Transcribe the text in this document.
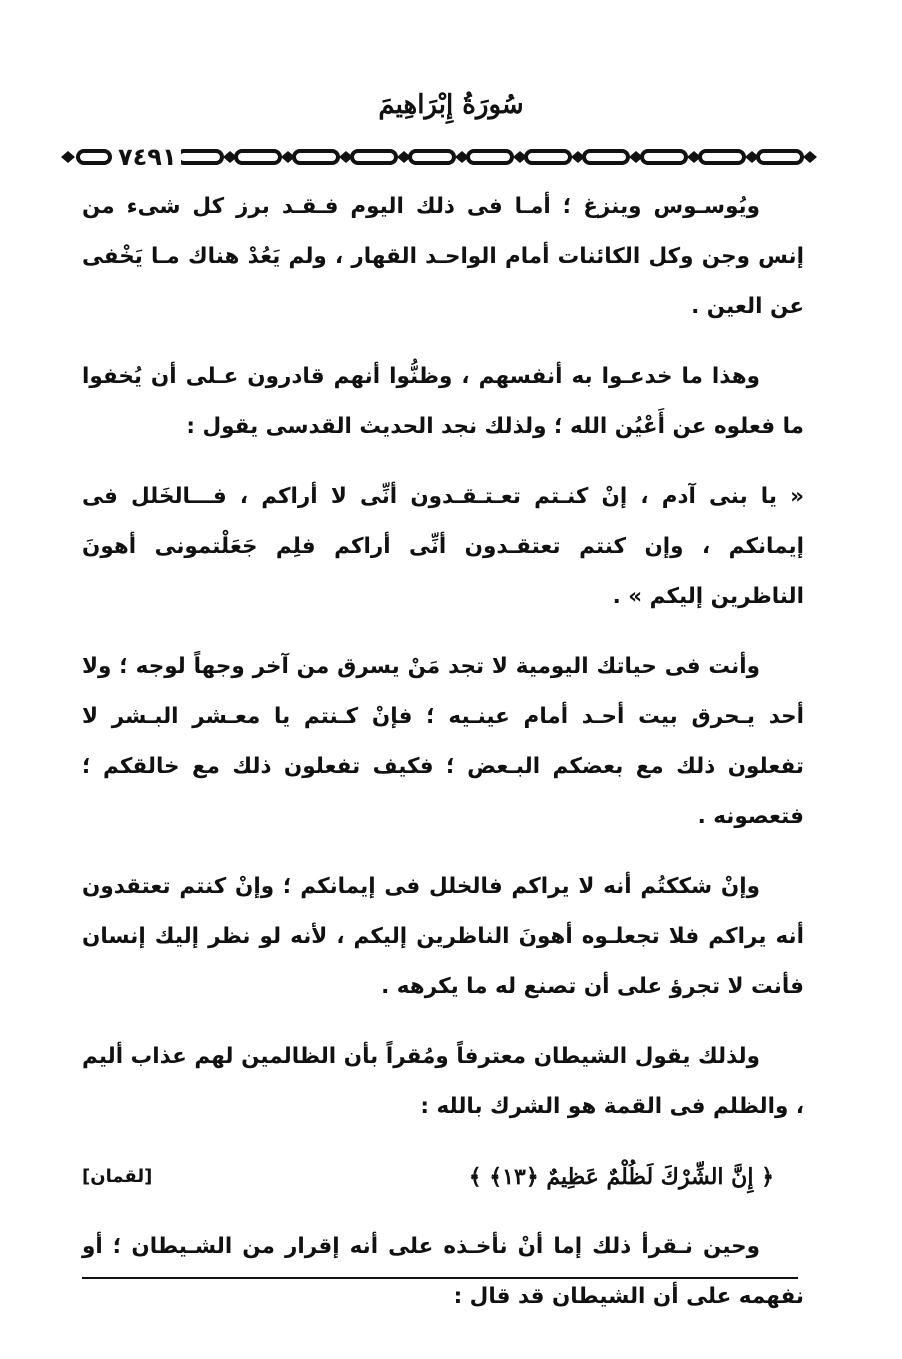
سُورَةُ إِبْرَاهِيمَ
٧٤٩١

ويُوسـوس وينزغ ؛ أمـا فى ذلك اليوم فـقـد برز كل شىء من إنس وجن وكل الكائنات أمام الواحـد القهار ، ولم يَعُدْ هناك مـا يَخْفى عن العين .

وهذا ما خدعـوا به أنفسهم ، وظنُّوا أنهم قادرون عـلى أن يُخفوا ما فعلوه عن أَعْيُن الله ؛ ولذلك نجد الحديث القدسى يقول :

« يا بنى آدم ، إنْ كنـتم تعـتـقـدون أنِّى لا أراكم ، فـــالخَلل فى إيمانكم ، وإن كنتم تعتقـدون أنِّى أراكم فلِم جَعَلْتمونى أهونَ الناظرين إليكم » .

وأنت فى حياتك اليومية لا تجد مَنْ يسرق من آخر وجهاً لوجه ؛ ولا أحد يـحرق بيت أحـد أمام عينـيه ؛ فإنْ كـنتم يا معـشر البـشر لا تفعلون ذلك مع بعضكم البـعض ؛ فكيف تفعلون ذلك مع خالقكم ؛ فتعصونه .

وإنْ شككتُم أنه لا يراكم فالخلل فى إيمانكم ؛ وإنْ كنتم تعتقدون أنه يراكم فلا تجعلـوه أهونَ الناظرين إليكم ، لأنه لو نظر إليك إنسان فأنت لا تجرؤ على أن تصنع له ما يكرهه .

ولذلك يقول الشيطان معترفاً ومُقراً بأن الظالمين لهم عذاب أليم ، والظلم فى القمة هو الشرك بالله :

﴿ إِنَّ الشِّرْكَ لَظُلْمٌ عَظِيمٌ ﴿١٣﴾ ﴾
[لقمان]

وحين نـقرأ ذلك إما أنْ نأخـذه على أنه إقرار من الشـيطان ؛ أو نفهمه على أن الشيطان قد قال :
